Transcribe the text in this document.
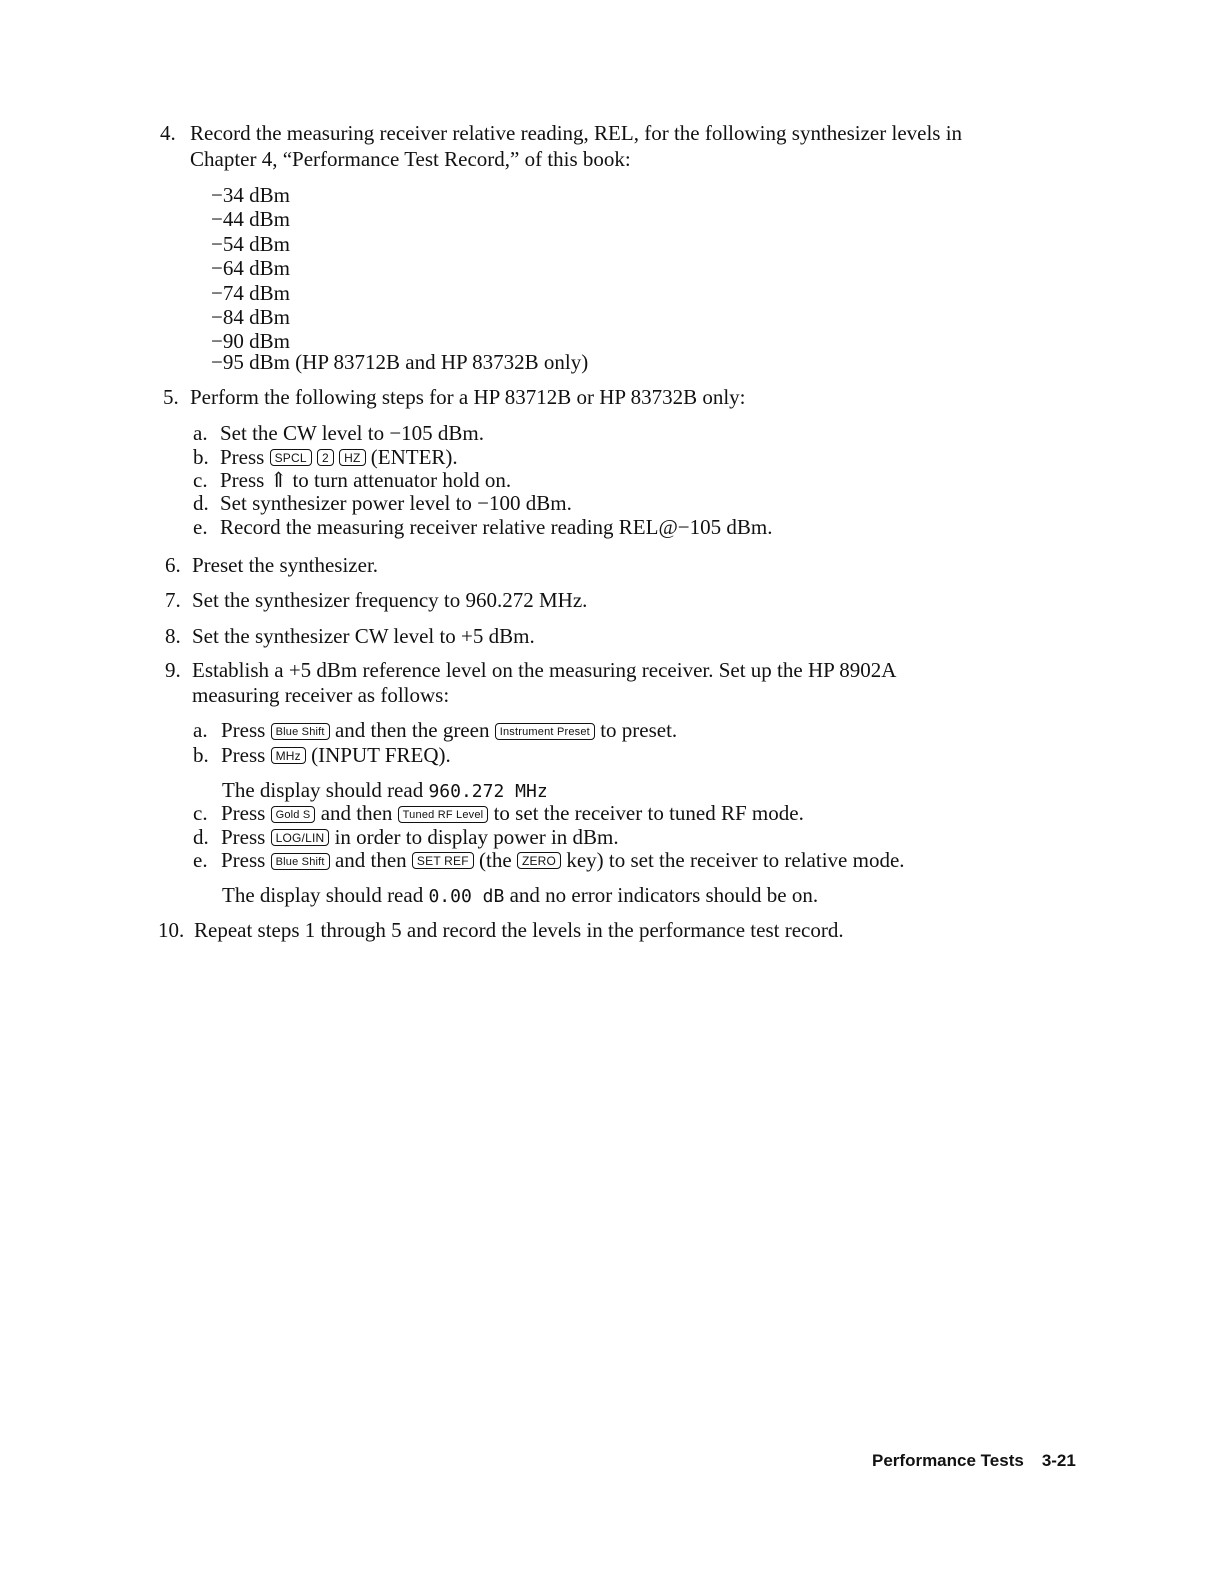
4. Record the measuring receiver relative reading, REL, for the following synthesizer levels in
Chapter 4, “Performance Test Record,” of this book:
−34 dBm
−44 dBm
−54 dBm
−64 dBm
−74 dBm
−84 dBm
−90 dBm
−95 dBm (HP 83712B and HP 83732B only)
5. Perform the following steps for a HP 83712B or HP 83732B only:
a. Set the CW level to −105 dBm.
b. Press SPCL 2 HZ (ENTER).
c. Press ⇑ to turn attenuator hold on.
d. Set synthesizer power level to −100 dBm.
e. Record the measuring receiver relative reading REL@−105 dBm.
6. Preset the synthesizer.
7. Set the synthesizer frequency to 960.272 MHz.
8. Set the synthesizer CW level to +5 dBm.
9. Establish a +5 dBm reference level on the measuring receiver. Set up the HP 8902A
measuring receiver as follows:
a. Press Blue Shift and then the green Instrument Preset to preset.
b. Press MHz (INPUT FREQ).
The display should read 960.272 MHz
c. Press Gold S and then Tuned RF Level to set the receiver to tuned RF mode.
d. Press LOG/LIN in order to display power in dBm.
e. Press Blue Shift and then SET REF (the ZERO key) to set the receiver to relative mode.
The display should read 0.00 dB and no error indicators should be on.
10. Repeat steps 1 through 5 and record the levels in the performance test record.
Performance Tests 3-21
